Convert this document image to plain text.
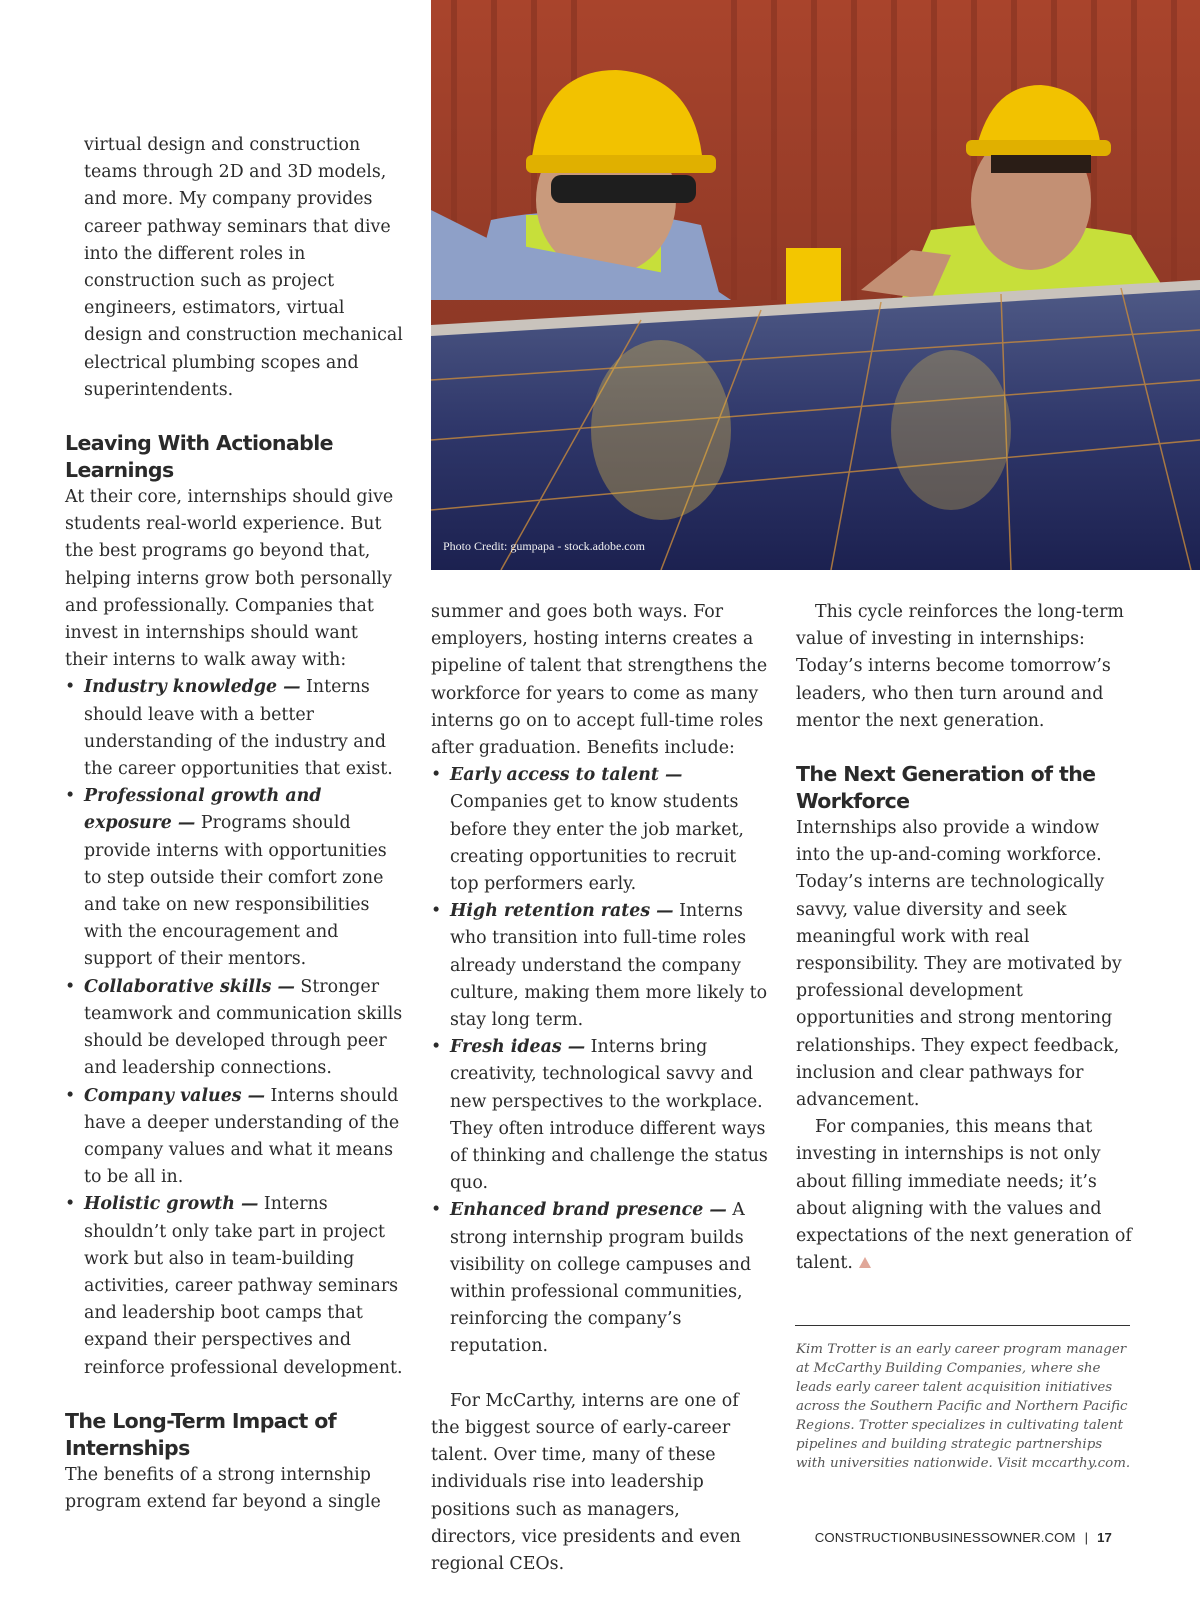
Photo Credit: gumpapa - stock.adobe.com

virtual design and construction teams through 2D and 3D models, and more. My company provides career pathway seminars that dive into the different roles in construction such as project engineers, estimators, virtual design and construction mechanical electrical plumbing scopes and superintendents.

Leaving With Actionable Learnings

At their core, internships should give students real-world experience. But the best programs go beyond that, helping interns grow both personally and professionally. Companies that invest in internships should want their interns to walk away with:

• Industry knowledge — Interns should leave with a better understanding of the industry and the career opportunities that exist.
• Professional growth and exposure — Programs should provide interns with opportunities to step outside their comfort zone and take on new responsibilities with the encouragement and support of their mentors.
• Collaborative skills — Stronger teamwork and communication skills should be developed through peer and leadership connections.
• Company values — Interns should have a deeper understanding of the company values and what it means to be all in.
• Holistic growth — Interns shouldn’t only take part in project work but also in team-building activities, career pathway seminars and leadership boot camps that expand their perspectives and reinforce professional development.
The Long-Term Impact of Internships

The benefits of a strong internship program extend far beyond a single

summer and goes both ways. For employers, hosting interns creates a pipeline of talent that strengthens the workforce for years to come as many interns go on to accept full-time roles after graduation. Benefits include:

• Early access to talent — Companies get to know students before they enter the job market, creating opportunities to recruit top performers early.
• High retention rates — Interns who transition into full-time roles already understand the company culture, making them more likely to stay long term.
• Fresh ideas — Interns bring creativity, technological savvy and new perspectives to the workplace. They often introduce different ways of thinking and challenge the status quo.
• Enhanced brand presence — A strong internship program builds visibility on college campuses and within professional communities, reinforcing the company’s reputation.

For McCarthy, interns are one of the biggest source of early-career talent. Over time, many of these individuals rise into leadership positions such as managers, directors, vice presidents and even regional CEOs.

This cycle reinforces the long-term value of investing in internships: Today’s interns become tomorrow’s leaders, who then turn around and mentor the next generation.

The Next Generation of the Workforce

Internships also provide a window into the up-and-coming workforce. Today’s interns are technologically savvy, value diversity and seek meaningful work with real responsibility. They are motivated by professional development opportunities and strong mentoring relationships. They expect feedback, inclusion and clear pathways for advancement.

For companies, this means that investing in internships is not only about filling immediate needs; it’s about aligning with the values and expectations of the next generation of talent.

Kim Trotter is an early career program manager at McCarthy Building Companies, where she leads early career talent acquisition initiatives across the Southern Pacific and Northern Pacific Regions. Trotter specializes in cultivating talent pipelines and building strategic partnerships with universities nationwide. Visit mccarthy.com.
CONSTRUCTIONBUSINESSOWNER.COM | 17
